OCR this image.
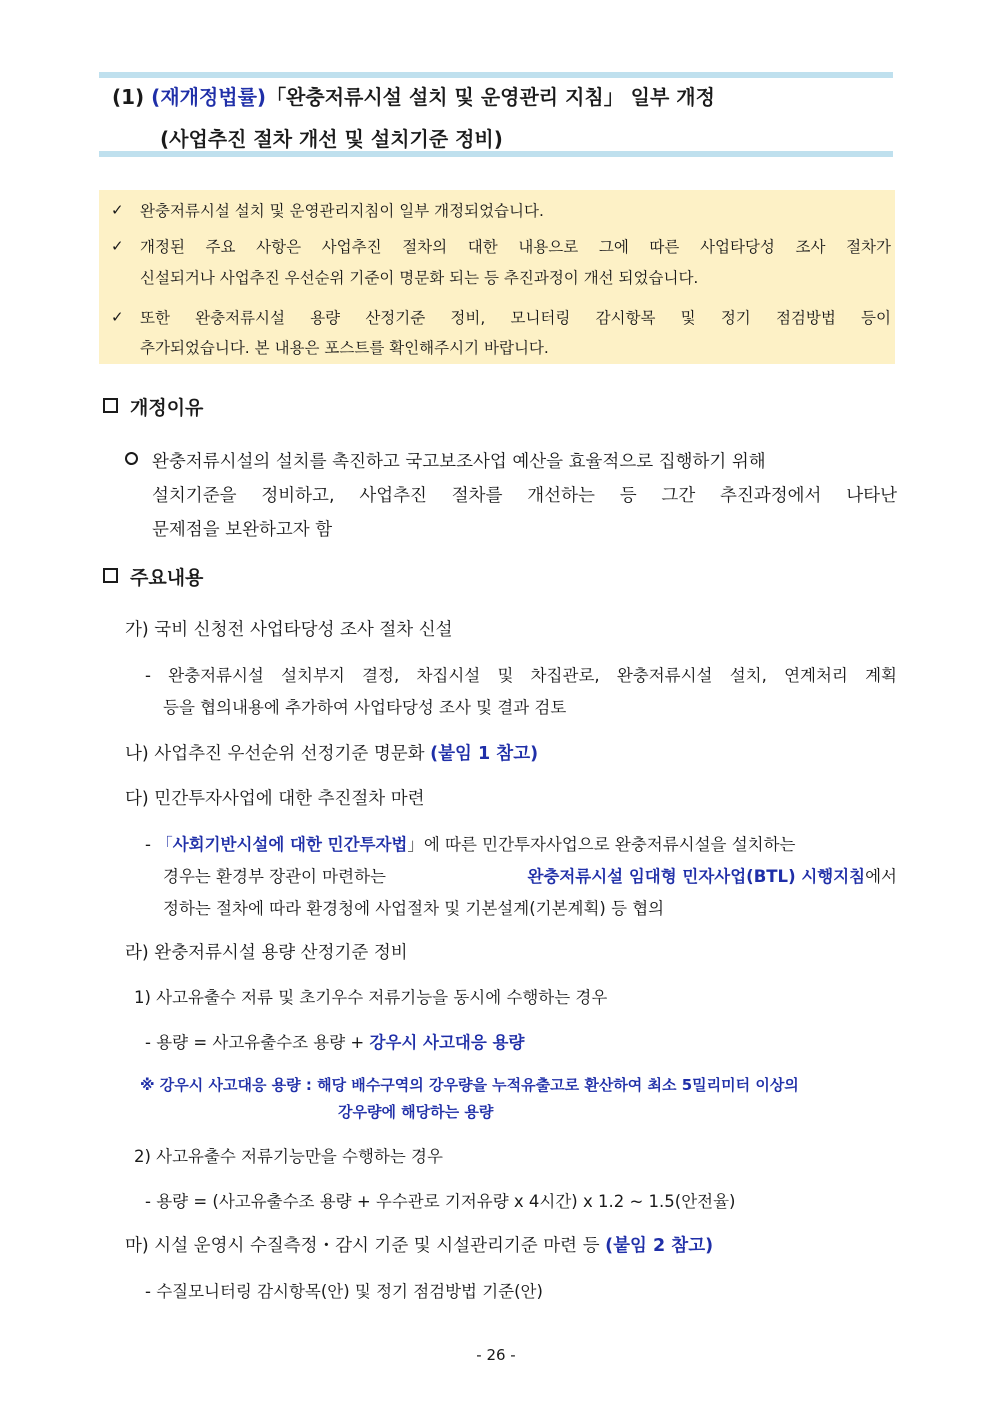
(1) (재개정법률)「완충저류시설 설치 및 운영관리 지침」 일부 개정
(사업추진 절차 개선 및 설치기준 정비)
✓ 완충저류시설 설치 및 운영관리지침이 일부 개정되었습니다.
✓ 개정된 주요 사항은 사업추진 절차의 대한 내용으로 그에 따른 사업타당성 조사 절차가
신설되거나 사업추진 우선순위 기준이 명문화 되는 등 추진과정이 개선 되었습니다.
✓ 또한 완충저류시설 용량 산정기준 정비, 모니터링 감시항목 및 정기 점검방법 등이
추가되었습니다. 본 내용은 포스트를 확인해주시기 바랍니다.
개정이유
완충저류시설의 설치를 촉진하고 국고보조사업 예산을 효율적으로 집행하기 위해
설치기준을 정비하고, 사업추진 절차를 개선하는 등 그간 추진과정에서 나타난
문제점을 보완하고자 함
주요내용
가) 국비 신청전 사업타당성 조사 절차 신설
- 완충저류시설 설치부지 결정, 차집시설 및 차집관로, 완충저류시설 설치, 연계처리 계획
등을 협의내용에 추가하여 사업타당성 조사 및 결과 검토
나) 사업추진 우선순위 선정기준 명문화 (붙임 1 참고)
다) 민간투자사업에 대한 추진절차 마련
- 「사회기반시설에 대한 민간투자법」에 따른 민간투자사업으로 완충저류시설을 설치하는
경우는 환경부 장관이 마련하는	완충저류시설 임대형 민자사업(BTL) 시행지침에서
정하는 절차에 따라 환경청에 사업절차 및 기본설계(기본계획) 등 협의
라) 완충저류시설 용량 산정기준 정비
1) 사고유출수 저류 및 초기우수 저류기능을 동시에 수행하는 경우
- 용량 = 사고유출수조 용량 + 강우시 사고대응 용량
※ 강우시 사고대응 용량 : 해당 배수구역의 강우량을 누적유출고로 환산하여 최소 5밀리미터 이상의
강우량에 해당하는 용량
2) 사고유출수 저류기능만을 수행하는 경우
- 용량 = (사고유출수조 용량 + 우수관로 기저유량 x 4시간) x 1.2 ~ 1.5(안전율)
마) 시설 운영시 수질측정・감시 기준 및 시설관리기준 마련 등 (붙임 2 참고)
- 수질모니터링 감시항목(안) 및 정기 점검방법 기준(안)
- 26 -
